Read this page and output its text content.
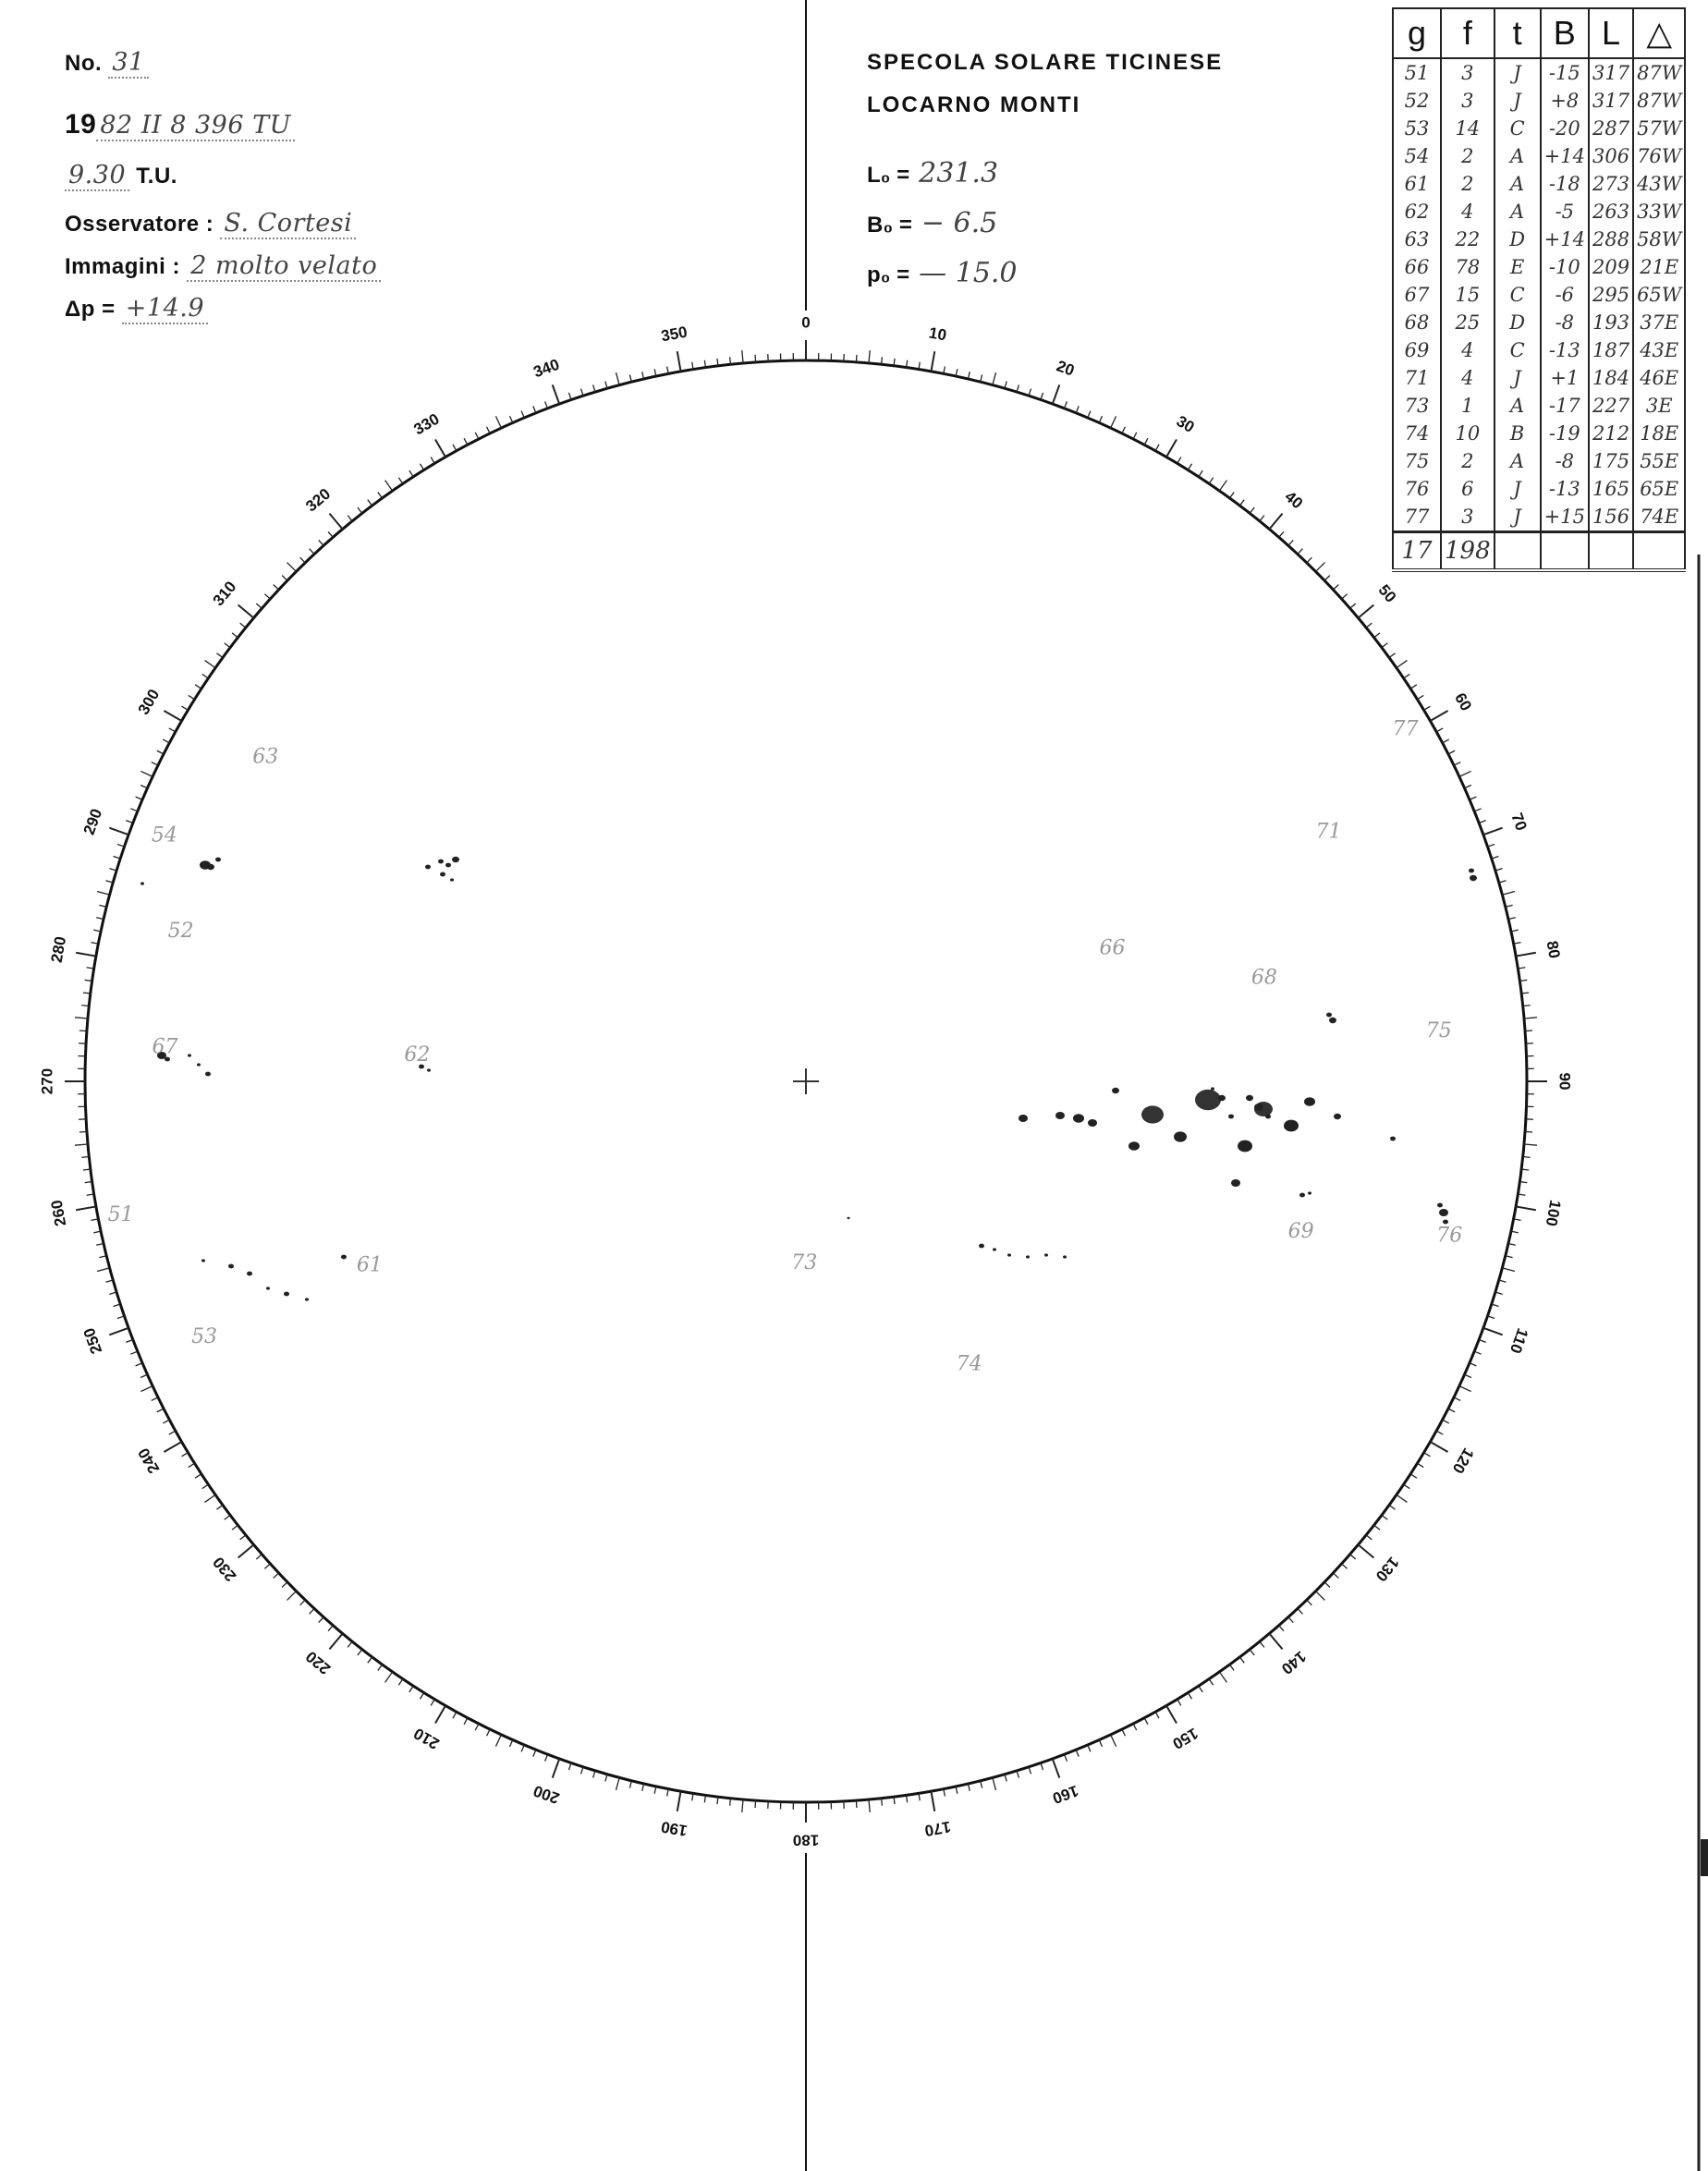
No. 31
19 82 II 8 396 TU
9.30 T.U.
Osservatore : S. Cortesi
Immagini : 2 molto velato
Δp = +14.9
SPECOLA SOLARE TICINESE
LOCARNO MONTI
L₀ = 231.3
B₀ = − 6.5
p₀ = — 15.0
g	f	t	B	L	△
51	3	J	-15	317	87W
52	3	J	+8	317	87W
53	14	C	-20	287	57W
54	2	A	+14	306	76W
61	2	A	-18	273	43W
62	4	A	-5	263	33W
63	22	D	+14	288	58W
66	78	E	-10	209	21E
67	15	C	-6	295	65W
68	25	D	-8	193	37E
69	4	C	-13	187	43E
71	4	J	+1	184	46E
73	1	A	-17	227	3E
74	10	B	-19	212	18E
75	2	A	-8	175	55E
76	6	J	-13	165	65E
77	3	J	+15	156	74E
17	198				
0
10
20
30
40
50
60
70
80
90
100
110
120
130
140
150
160
170
180
190
200
210
220
230
240
250
260
270
280
290
300
310
320
330
340
350
63
54
52
67	62
51
53
61	73
74
66
68
69
71
75
76
77
